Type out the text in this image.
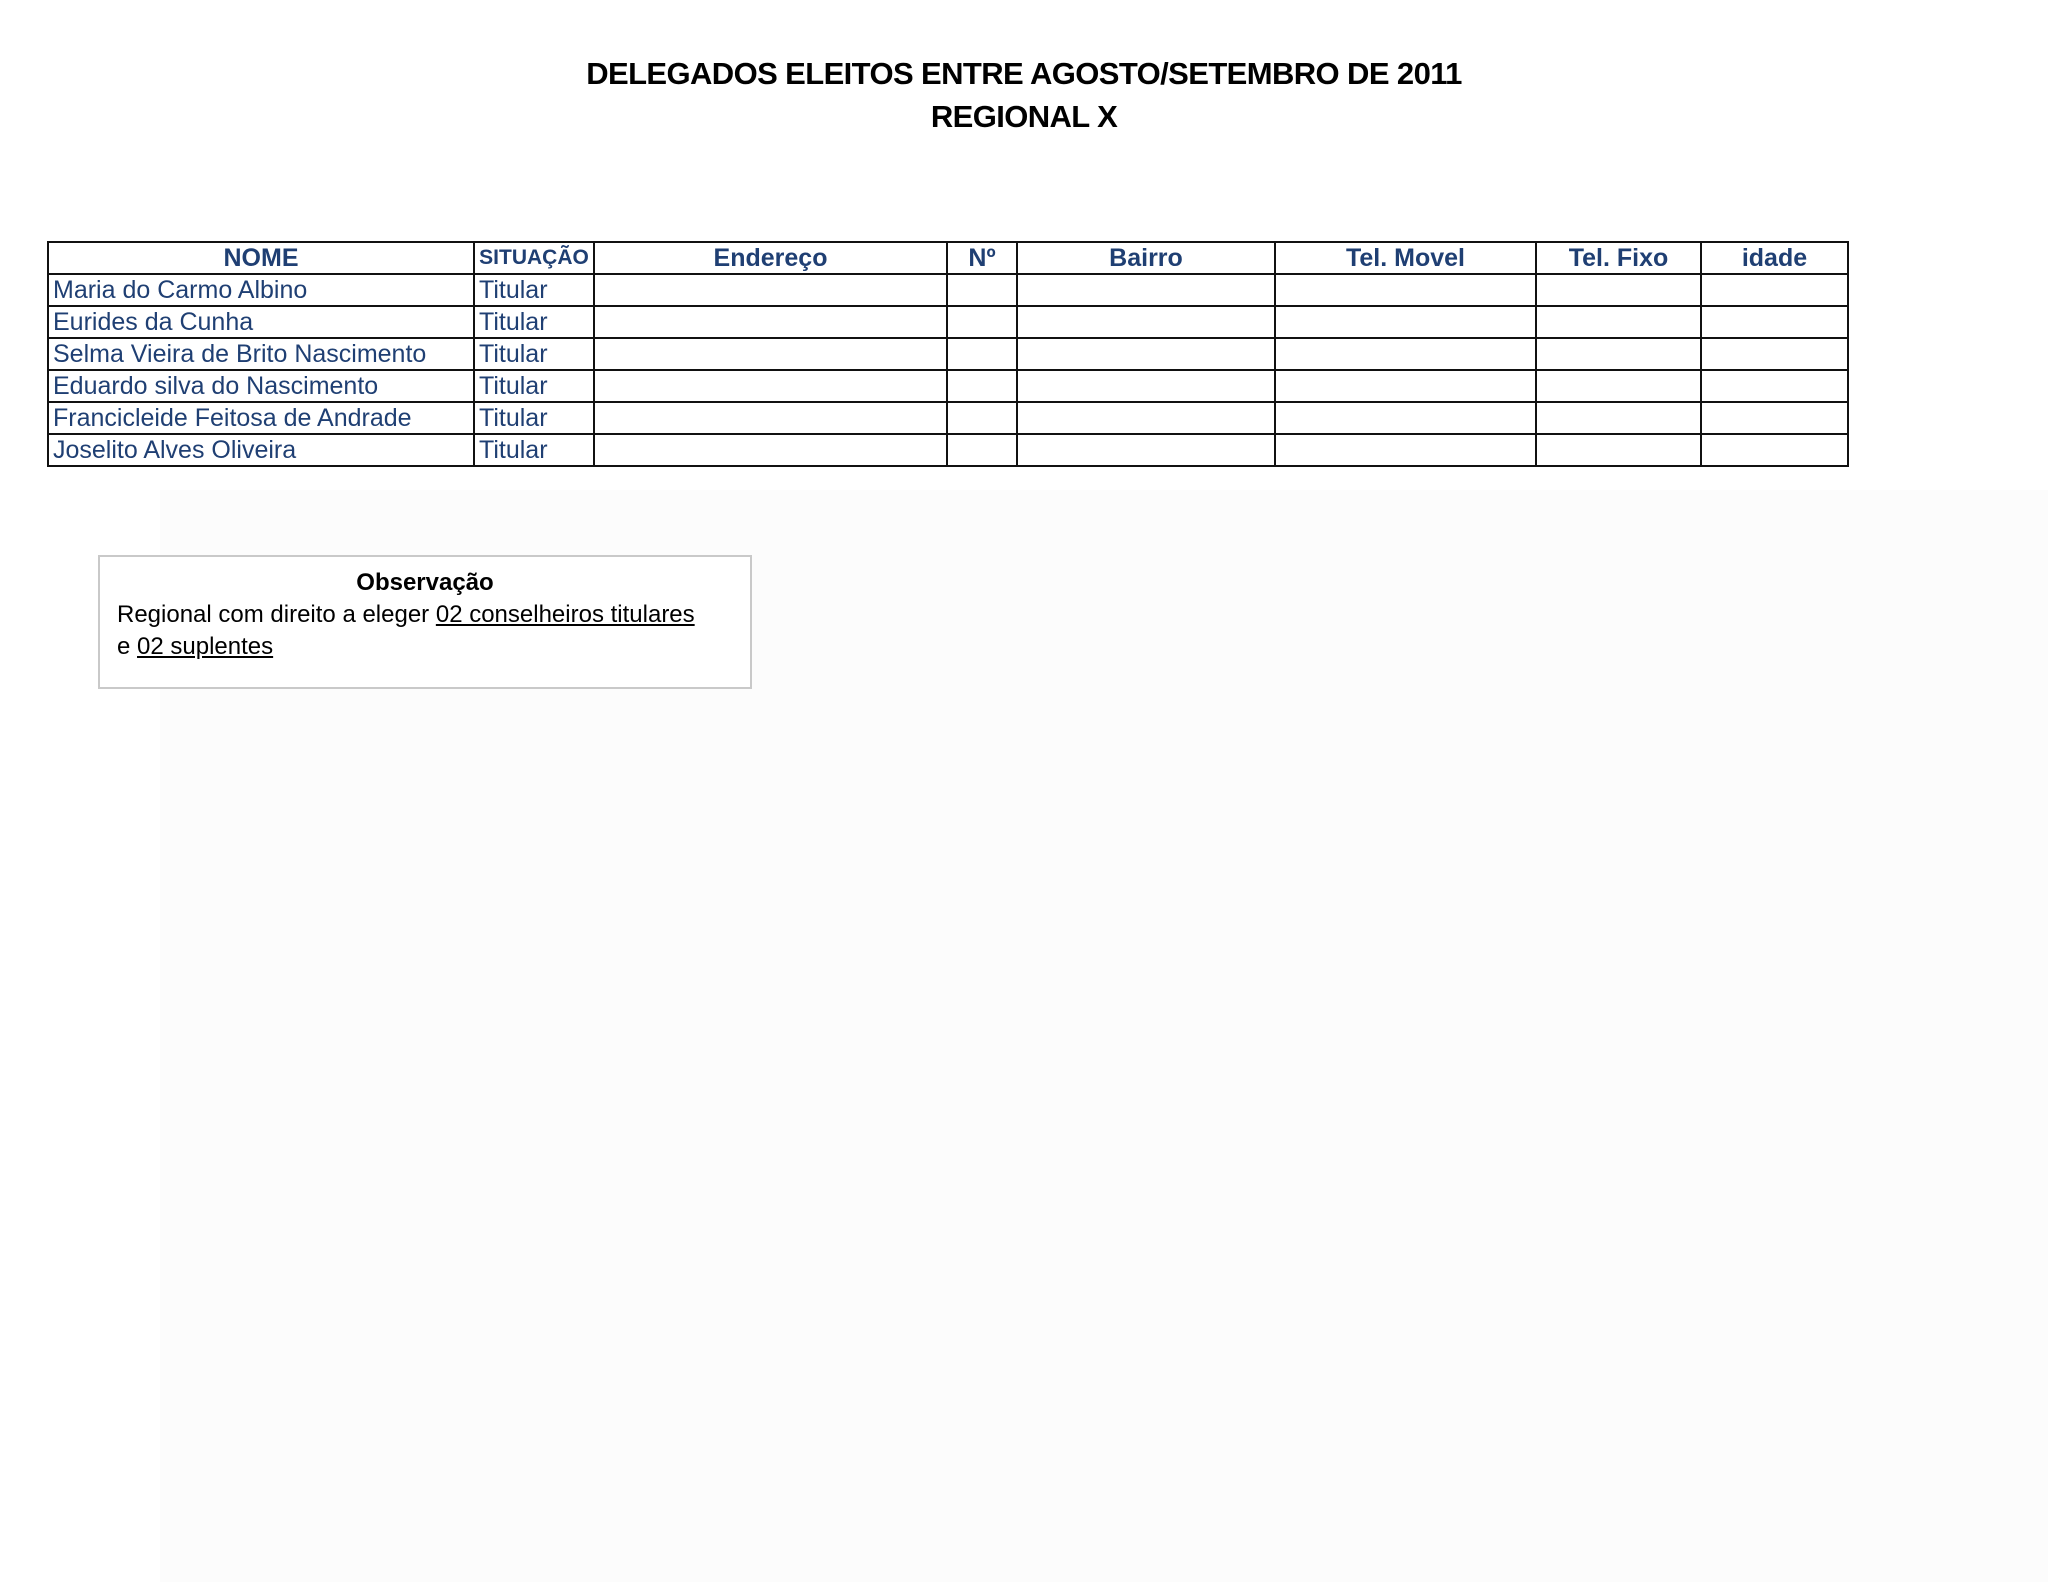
DELEGADOS ELEITOS ENTRE AGOSTO/SETEMBRO DE 2011
REGIONAL X
NOME	SITUAÇÃO	Endereço	Nº	Bairro	Tel. Movel	Tel. Fixo	idade
Maria do Carmo Albino	Titular						
Eurides da Cunha	Titular						
Selma Vieira de Brito Nascimento	Titular						
Eduardo silva do Nascimento	Titular						
Francicleide Feitosa de Andrade	Titular						
Joselito Alves Oliveira	Titular						
Observação
Regional com direito a eleger 02 conselheiros titulares
e 02 suplentes
